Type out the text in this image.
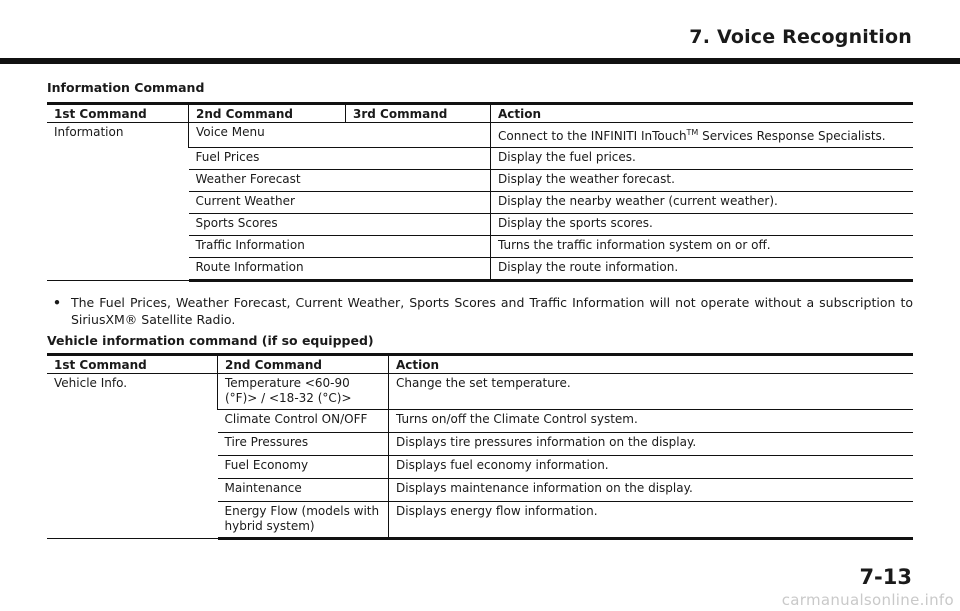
7. Voice Recognition
Information Command
1st Command	2nd Command	3rd Command	Action
Information	Voice Menu		Connect to the INFINITI InTouch™ Services Response Specialists.
	Fuel Prices		Display the fuel prices.
	Weather Forecast		Display the weather forecast.
	Current Weather		Display the nearby weather (current weather).
	Sports Scores		Display the sports scores.
	Traffic Information		Turns the traffic information system on or off.
	Route Information		Display the route information.
• The Fuel Prices, Weather Forecast, Current Weather, Sports Scores and Traffic Information will not operate without a subscription to SiriusXM® Satellite Radio.
Vehicle information command (if so equipped)
1st Command	2nd Command	Action
Vehicle Info.	Temperature <60-90 (°F)> / <18-32 (°C)>	Change the set temperature.
	Climate Control ON/OFF	Turns on/off the Climate Control system.
	Tire Pressures	Displays tire pressures information on the display.
	Fuel Economy	Displays fuel economy information.
	Maintenance	Displays maintenance information on the display.
	Energy Flow (models with hybrid system)	Displays energy flow information.
7-13
carmanualsonline.info
